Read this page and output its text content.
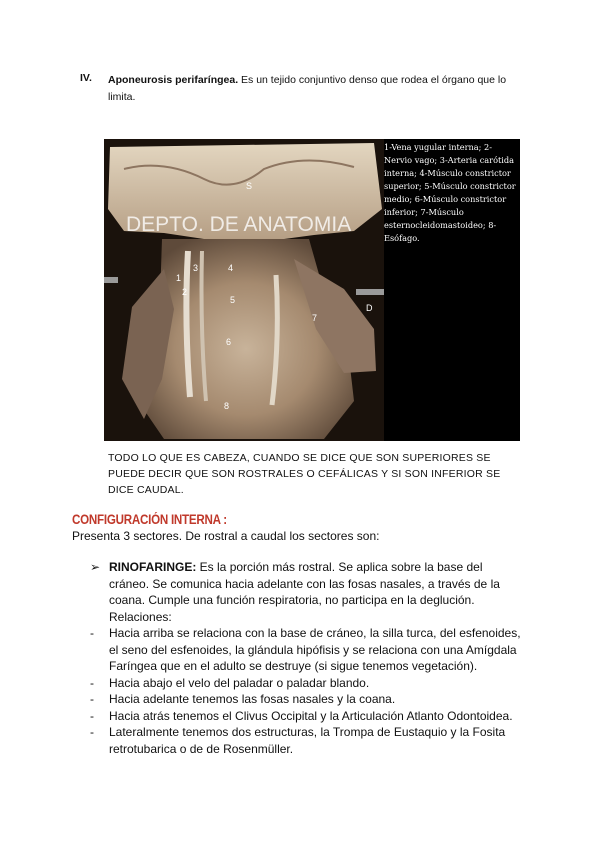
IV. Aponeurosis perifaríngea. Es un tejido conjuntivo denso que rodea el órgano que lo limita.
DEPTO. DE ANATOMIA
S
1
2
3	4
5
6
7
8
D
1-Vena yugular interna; 2-Nervio vago; 3-Arteria carótida interna; 4-Músculo constrictor superior; 5-Músculo constrictor medio; 6-Músculo constrictor inferior; 7-Músculo esternocleidomastoideo; 8-Esófago.
TODO LO QUE ES CABEZA, CUANDO SE DICE QUE SON SUPERIORES SE PUEDE DECIR QUE SON ROSTRALES O CEFÁLICAS Y SI SON INFERIOR SE DICE CAUDAL.
CONFIGURACIÓN INTERNA :
Presenta 3 sectores. De rostral a caudal los sectores son:
➢ RINOFARINGE: Es la porción más rostral. Se aplica sobre la base del cráneo. Se comunica hacia adelante con las fosas nasales, a través de la coana. Cumple una función respiratoria, no participa en la deglución.
Relaciones:
- Hacia arriba se relaciona con la base de cráneo, la silla turca, del esfenoides, el seno del esfenoides, la glándula hipófisis y se relaciona con una Amígdala Faríngea que en el adulto se destruye (si sigue tenemos vegetación).
- Hacia abajo el velo del paladar o paladar blando.
- Hacia adelante tenemos las fosas nasales y la coana.
- Hacia atrás tenemos el Clivus Occipital y la Articulación Atlanto Odontoidea.
- Lateralmente tenemos dos estructuras, la Trompa de Eustaquio y la Fosita retrotubarica o de de Rosenmüller.
